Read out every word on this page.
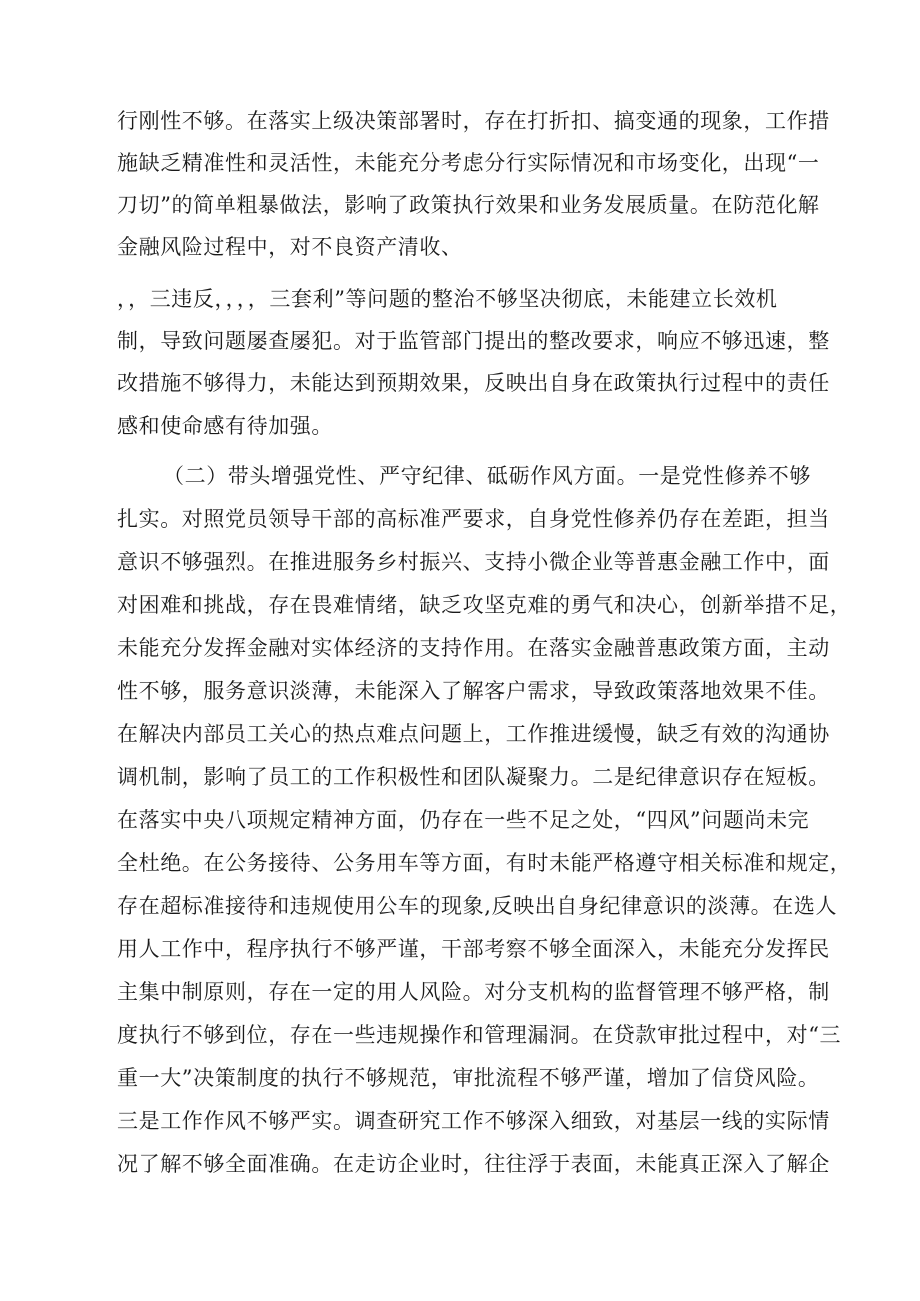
行刚性不够。在落实上级决策部署时，存在打折扣、搞变通的现象，工作措
施缺乏精准性和灵活性，未能充分考虑分行实际情况和市场变化，出现“一
刀切”的简单粗暴做法，影响了政策执行效果和业务发展质量。在防范化解
金融风险过程中，对不良资产清收、
，，三违反，，，，三套利”等问题的整治不够坚决彻底，未能建立长效机
制，导致问题屡查屡犯。对于监管部门提出的整改要求，响应不够迅速，整
改措施不够得力，未能达到预期效果，反映出自身在政策执行过程中的责任
感和使命感有待加强。
（二）带头增强党性、严守纪律、砥砺作风方面。一是党性修养不够
扎实。对照党员领导干部的高标准严要求，自身党性修养仍存在差距，担当
意识不够强烈。在推进服务乡村振兴、支持小微企业等普惠金融工作中，面
对困难和挑战，存在畏难情绪，缺乏攻坚克难的勇气和决心，创新举措不足，
未能充分发挥金融对实体经济的支持作用。在落实金融普惠政策方面，主动
性不够，服务意识淡薄，未能深入了解客户需求，导致政策落地效果不佳。
在解决内部员工关心的热点难点问题上，工作推进缓慢，缺乏有效的沟通协
调机制，影响了员工的工作积极性和团队凝聚力。二是纪律意识存在短板。
在落实中央八项规定精神方面，仍存在一些不足之处，“四风”问题尚未完
全杜绝。在公务接待、公务用车等方面，有时未能严格遵守相关标准和规定，
存在超标准接待和违规使用公车的现象,反映出自身纪律意识的淡薄。在选人
用人工作中，程序执行不够严谨，干部考察不够全面深入，未能充分发挥民
主集中制原则，存在一定的用人风险。对分支机构的监督管理不够严格，制
度执行不够到位，存在一些违规操作和管理漏洞。在贷款审批过程中，对“三
重一大”决策制度的执行不够规范，审批流程不够严谨，增加了信贷风险。
三是工作作风不够严实。调查研究工作不够深入细致，对基层一线的实际情
况了解不够全面准确。在走访企业时，往往浮于表面，未能真正深入了解企
